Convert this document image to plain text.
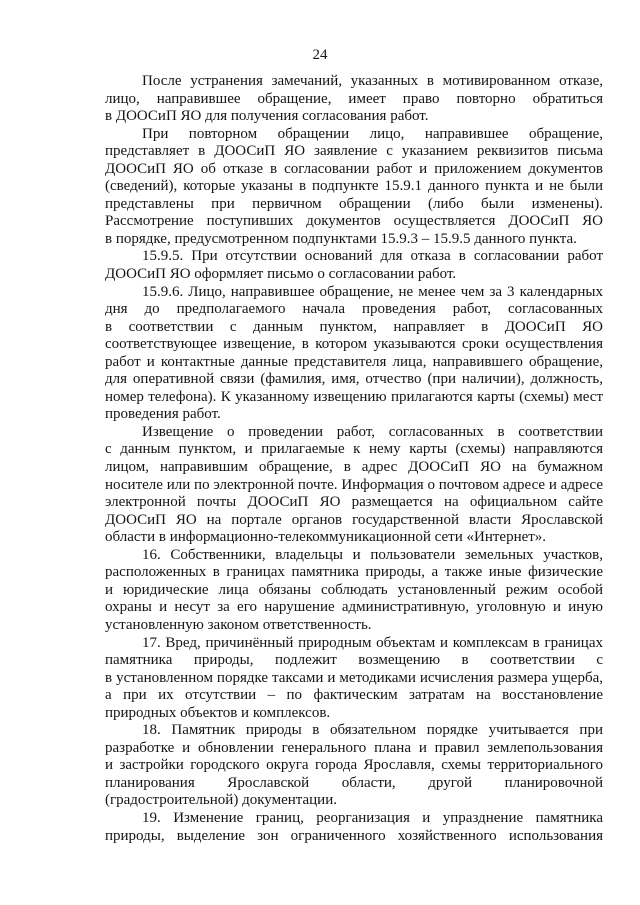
24
После устранения замечаний, указанных в мотивированном отказе,
лицо, направившее обращение, имеет право повторно обратиться
в ДООСиП ЯО для получения согласования работ.
При повторном обращении лицо, направившее обращение,
представляет в ДООСиП ЯО заявление с указанием реквизитов письма
ДООСиП ЯО об отказе в согласовании работ и приложением документов
(сведений), которые указаны в подпункте 15.9.1 данного пункта и не были
представлены при первичном обращении (либо были изменены).
Рассмотрение поступивших документов осуществляется ДООСиП ЯО
в порядке, предусмотренном подпунктами 15.9.3 – 15.9.5 данного пункта.
15.9.5. При отсутствии оснований для отказа в согласовании работ
ДООСиП ЯО оформляет письмо о согласовании работ.
15.9.6. Лицо, направившее обращение, не менее чем за 3 календарных
дня до предполагаемого начала проведения работ, согласованных
в соответствии с данным пунктом, направляет в ДООСиП ЯО
соответствующее извещение, в котором указываются сроки осуществления
работ и контактные данные представителя лица, направившего обращение,
для оперативной связи (фамилия, имя, отчество (при наличии), должность,
номер телефона). К указанному извещению прилагаются карты (схемы) мест
проведения работ.
Извещение о проведении работ, согласованных в соответствии
с данным пунктом, и прилагаемые к нему карты (схемы) направляются
лицом, направившим обращение, в адрес ДООСиП ЯО на бумажном
носителе или по электронной почте. Информация о почтовом адресе и адресе
электронной почты ДООСиП ЯО размещается на официальном сайте
ДООСиП ЯО на портале органов государственной власти Ярославской
области в информационно-телекоммуникационной сети «Интернет».
16. Собственники, владельцы и пользователи земельных участков,
расположенных в границах памятника природы, а также иные физические
и юридические лица обязаны соблюдать установленный режим особой
охраны и несут за его нарушение административную, уголовную и иную
установленную законом ответственность.
17. Вред, причинённый природным объектам и комплексам в границах
памятника природы, подлежит возмещению в соответствии с
в установленном порядке таксами и методиками исчисления размера ущерба,
а при их отсутствии – по фактическим затратам на восстановление
природных объектов и комплексов.
18. Памятник природы в обязательном порядке учитывается при
разработке и обновлении генерального плана и правил землепользования
и застройки городского округа города Ярославля, схемы территориального
планирования Ярославской области, другой планировочной
(градостроительной) документации.
19. Изменение границ, реорганизация и упразднение памятника
природы, выделение зон ограниченного хозяйственного использования
